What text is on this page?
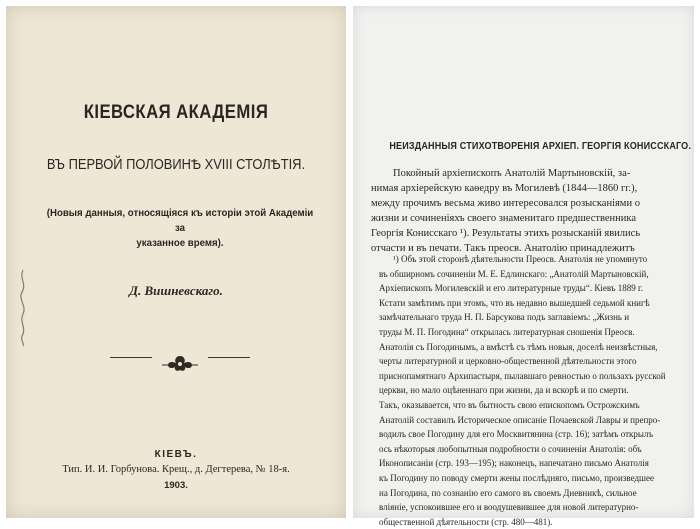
КІЕВСКАЯ АКАДЕМІЯ
ВЪ ПЕРВОЙ ПОЛОВИНѢ XVIII СТОЛѢТІЯ.
(Новыя данныя, относящіяся къ исторіи этой Академіи за
указанное время).
Д. Вишневскаго.
КІЕВЪ.
Тип. И. И. Горбунова. Крещ., д. Дегтерева, № 18-я.
1903.
НЕИЗДАННЫЯ СТИХОТВОРЕНІЯ АРХІЕП. ГЕОРГІЯ КОНИССКАГО.
Покойный архіепископъ Анатолій Мартыновскій, за-
нимая архіерейскую каѳедру въ Могилевѣ (1844—1860 гг.),
между прочимъ весьма живо интересовался розысканіями о
жизни и сочиненіяхъ своего знаменитаго предшественника
Георгія Конисскаго ¹). Результаты этихъ розысканій явились
отчасти и въ печати. Такъ преосв. Анатолію принадлежитъ
¹) Объ этой сторонѣ дѣятельности Преосв. Анатолія не упомянуто
въ обширномъ сочиненіи М. Е. Едлинскаго: „Анатолій Мартыновскій,
Архіепископъ Могилевскій и его литературные труды“. Кіевъ 1889 г.
Кстати замѣтимъ при этомъ, что въ недавно вышедшей седьмой книгѣ
замѣчательнаго труда Н. П. Барсукова подъ заглавіемъ: „Жизнь и
труды М. П. Погодина“ открылась литературная сношенія Преосв.
Анатолія съ Погодинымъ, а вмѣстѣ съ тѣмъ новыя, доселѣ неизвѣстныя,
черты литературной и церковно-общественной дѣятельности этого
приснопамятнаго Архипастыря, пылавшаго ревностью о пользахъ русской
церкви, но мало оцѣненнаго при жизни, да и вскорѣ и по смерти.
Такъ, оказывается, что въ бытность свою епископомъ Острожскимъ
Анатолій составилъ Историческое описаніе Почаевской Лавры и препро-
водилъ свое Погодину для его Москвитянина (стр. 16); затѣмъ открылъ
ось нѣкоторыя любопытныя подробности о сочиненіи Анатолія: объ
Иконописаніи (стр. 193—195); наконецъ, напечатано письмо Анатолія
къ Погодину по поводу смерти жены послѣдняго, письмо, произведшее
на Погодина, по сознанію его самого въ своемъ Дневникѣ, сильное
вліяніе, успокоившее его и воодушевившее для новой литературно-
общественной дѣятельности (стр. 480—481).
